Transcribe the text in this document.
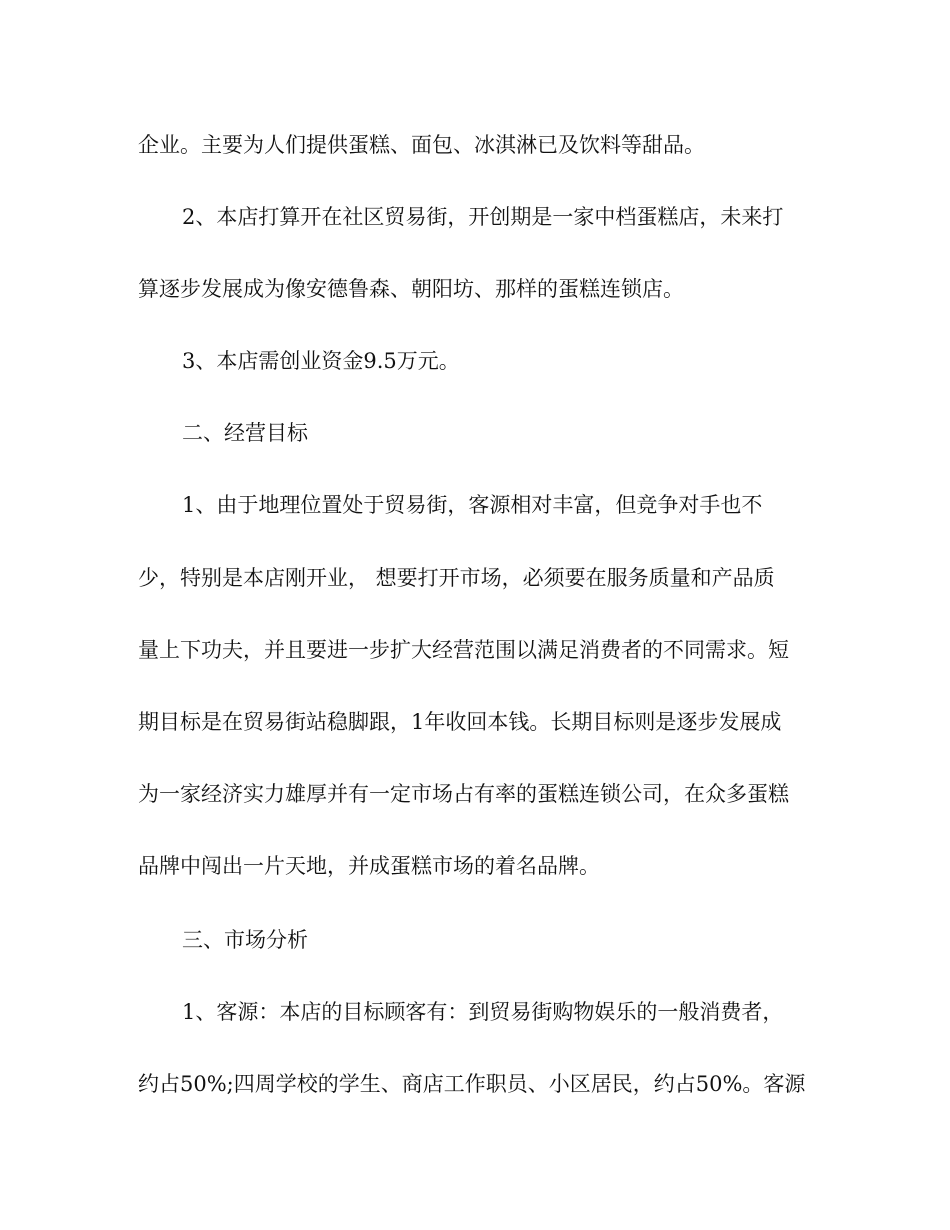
企业。主要为人们提供蛋糕、面包、冰淇淋已及饮料等甜品。
2、本店打算开在社区贸易街，开创期是一家中档蛋糕店，未来打
算逐步发展成为像安德鲁森、朝阳坊、那样的蛋糕连锁店。
3、本店需创业资金9.5万元。
二、经营目标
1、由于地理位置处于贸易街，客源相对丰富，但竞争对手也不
少，特别是本店刚开业， 想要打开市场，必须要在服务质量和产品质
量上下功夫，并且要进一步扩大经营范围以满足消费者的不同需求。短
期目标是在贸易街站稳脚跟，1年收回本钱。长期目标则是逐步发展成
为一家经济实力雄厚并有一定市场占有率的蛋糕连锁公司，在众多蛋糕
品牌中闯出一片天地，并成蛋糕市场的着名品牌。
三、市场分析
1、客源：本店的目标顾客有：到贸易街购物娱乐的一般消费者，
约占50%;四周学校的学生、商店工作职员、小区居民，约占50%。客源
